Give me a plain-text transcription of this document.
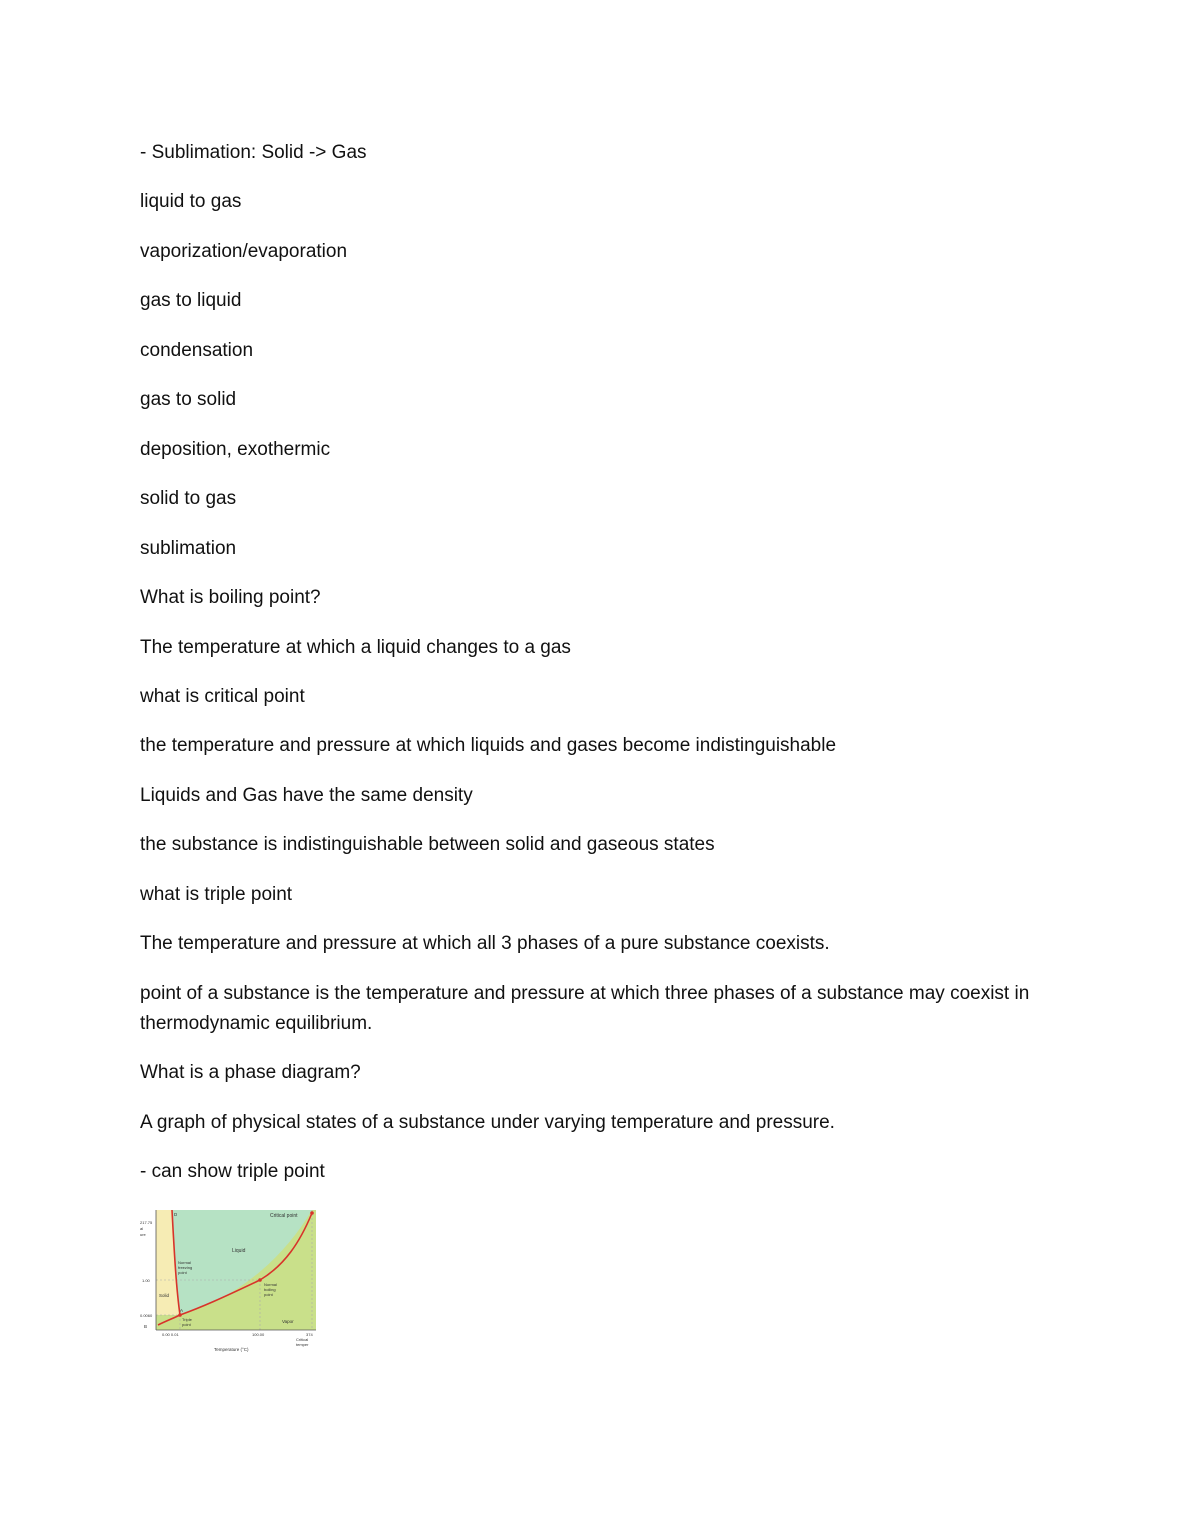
- Sublimation: Solid -> Gas
liquid to gas
vaporization/evaporation
gas to liquid
condensation
gas to solid
deposition, exothermic
solid to gas
sublimation
What is boiling point?
The temperature at which a liquid changes to a gas
what is critical point
the temperature and pressure at which liquids and gases become indistinguishable
Liquids and Gas have the same density
the substance is indistinguishable between solid and gaseous states
what is triple point
The temperature and pressure at which all 3 phases of a pure substance coexists.
point of a substance is the temperature and pressure at which three phases of a substance may coexist in thermodynamic equilibrium.
What is a phase diagram?
A graph of physical states of a substance under varying temperature and pressure.
- can show triple point
Critical point
Liquid
Solid
Vapor
Normal
freezing
point
Normal
boiling
point
Triple
point
D
A
B
217.75
al
ure
1.00
0.0060
0.00 0.01	100.00	374
Critical
temper
Temperature (°C)
